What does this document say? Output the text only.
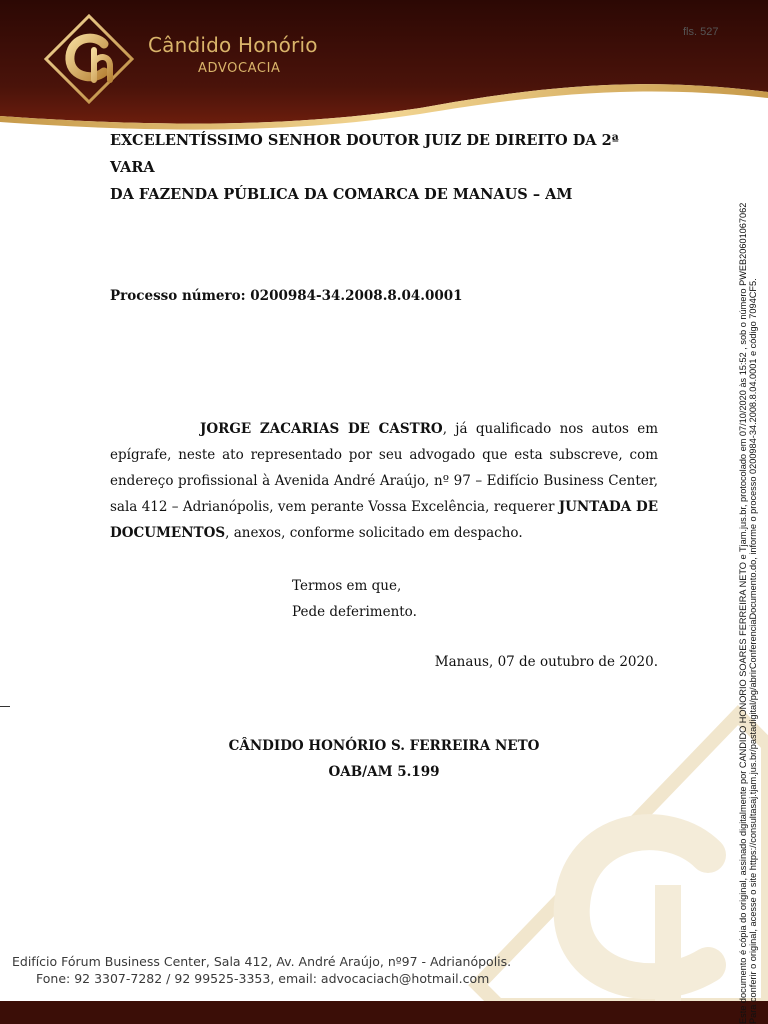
Cândido Honório
ADVOCACIA
fls. 527
EXCELENTÍSSIMO SENHOR DOUTOR JUIZ DE DIREITO DA 2ª VARA
DA FAZENDA PÚBLICA DA COMARCA DE MANAUS – AM
Processo número: 0200984-34.2008.8.04.0001
JORGE ZACARIAS DE CASTRO, já qualificado nos autos em epígrafe, neste ato representado por seu advogado que esta subscreve, com endereço profissional à Avenida André Araújo, nº 97 – Edifício Business Center, sala 412 – Adrianópolis, vem perante Vossa Excelência, requerer JUNTADA DE DOCUMENTOS, anexos, conforme solicitado em despacho.
Termos em que,
Pede deferimento.
Manaus, 07 de outubro de 2020.
CÂNDIDO HONÓRIO S. FERREIRA NETO
OAB/AM 5.199
Edifício Fórum Business Center, Sala 412, Av. André Araújo, nº97 - Adrianópolis.
Fone: 92 3307-7282 / 92 99525-3353, email: advocaciach@hotmail.com	Este documento é cópia do original, assinado digitalmente por CANDIDO HONORIO SOARES FERREIRA NETO e Tjam.jus.br, protocolado em 07/10/2020 às 15:52 , sob o número PWEB20601067062 Para conferir o original, acesse o site https://consultasaj.tjam.jus.br/pastadigital/pg/abrirConferenciaDocumento.do, informe o processo 0200984-34.2008.8.04.0001 e código 7094CF5.
